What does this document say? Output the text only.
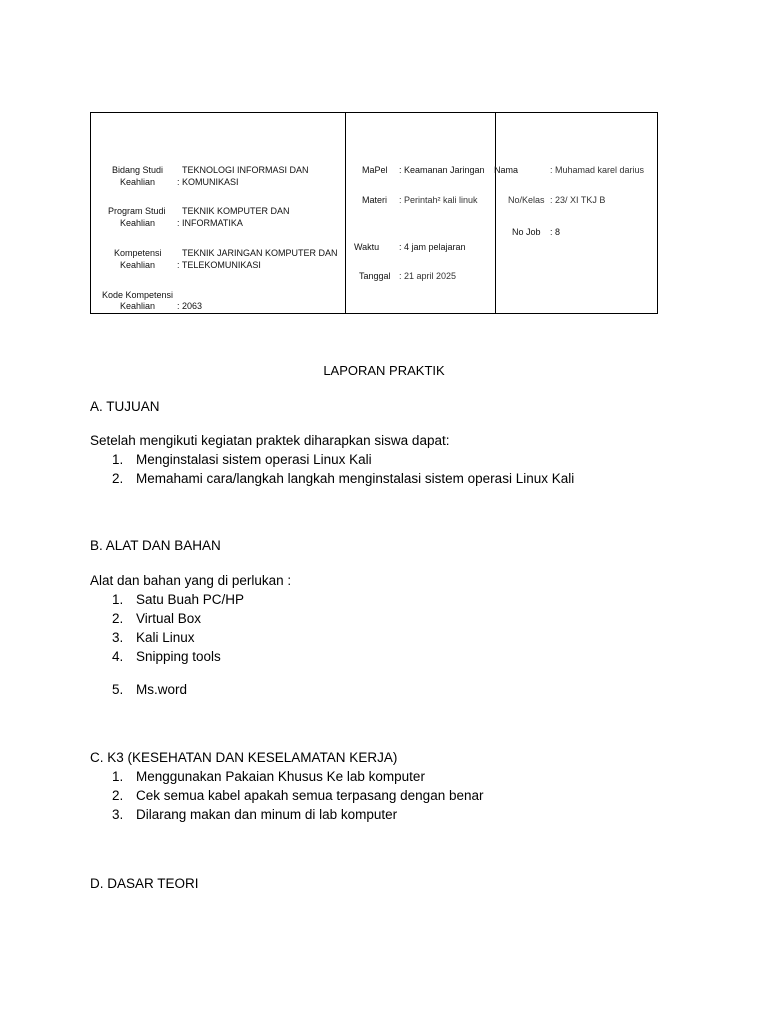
Bidang Studi
Keahlian
TEKNOLOGI INFORMASI DAN
: KOMUNIKASI
Program Studi
Keahlian
TEKNIK KOMPUTER DAN
: INFORMATIKA
Kompetensi
Keahlian
TEKNIK JARINGAN KOMPUTER DAN
: TELEKOMUNIKASI
Kode Kompetensi
Keahlian : 2063
MaPel : Keamanan Jaringan
Materi : Perintah² kali linuk
Waktu : 4 jam pelajaran
Tanggal : 21 april 2025
Nama	: Muhamad karel darius
No/Kelas : 23/ XI TKJ B
No Job : 8
LAPORAN PRAKTIK
A. TUJUAN
Setelah mengikuti kegiatan praktek diharapkan siswa dapat:
1. Menginstalasi sistem operasi Linux Kali
2. Memahami cara/langkah langkah menginstalasi sistem operasi Linux Kali
B. ALAT DAN BAHAN
Alat dan bahan yang di perlukan :
1. Satu Buah PC/HP
2. Virtual Box
3. Kali Linux
4. Snipping tools
5. Ms.word
C. K3 (KESEHATAN DAN KESELAMATAN KERJA)
1. Menggunakan Pakaian Khusus Ke lab komputer
2. Cek semua kabel apakah semua terpasang dengan benar
3. Dilarang makan dan minum di lab komputer
D. DASAR TEORI
